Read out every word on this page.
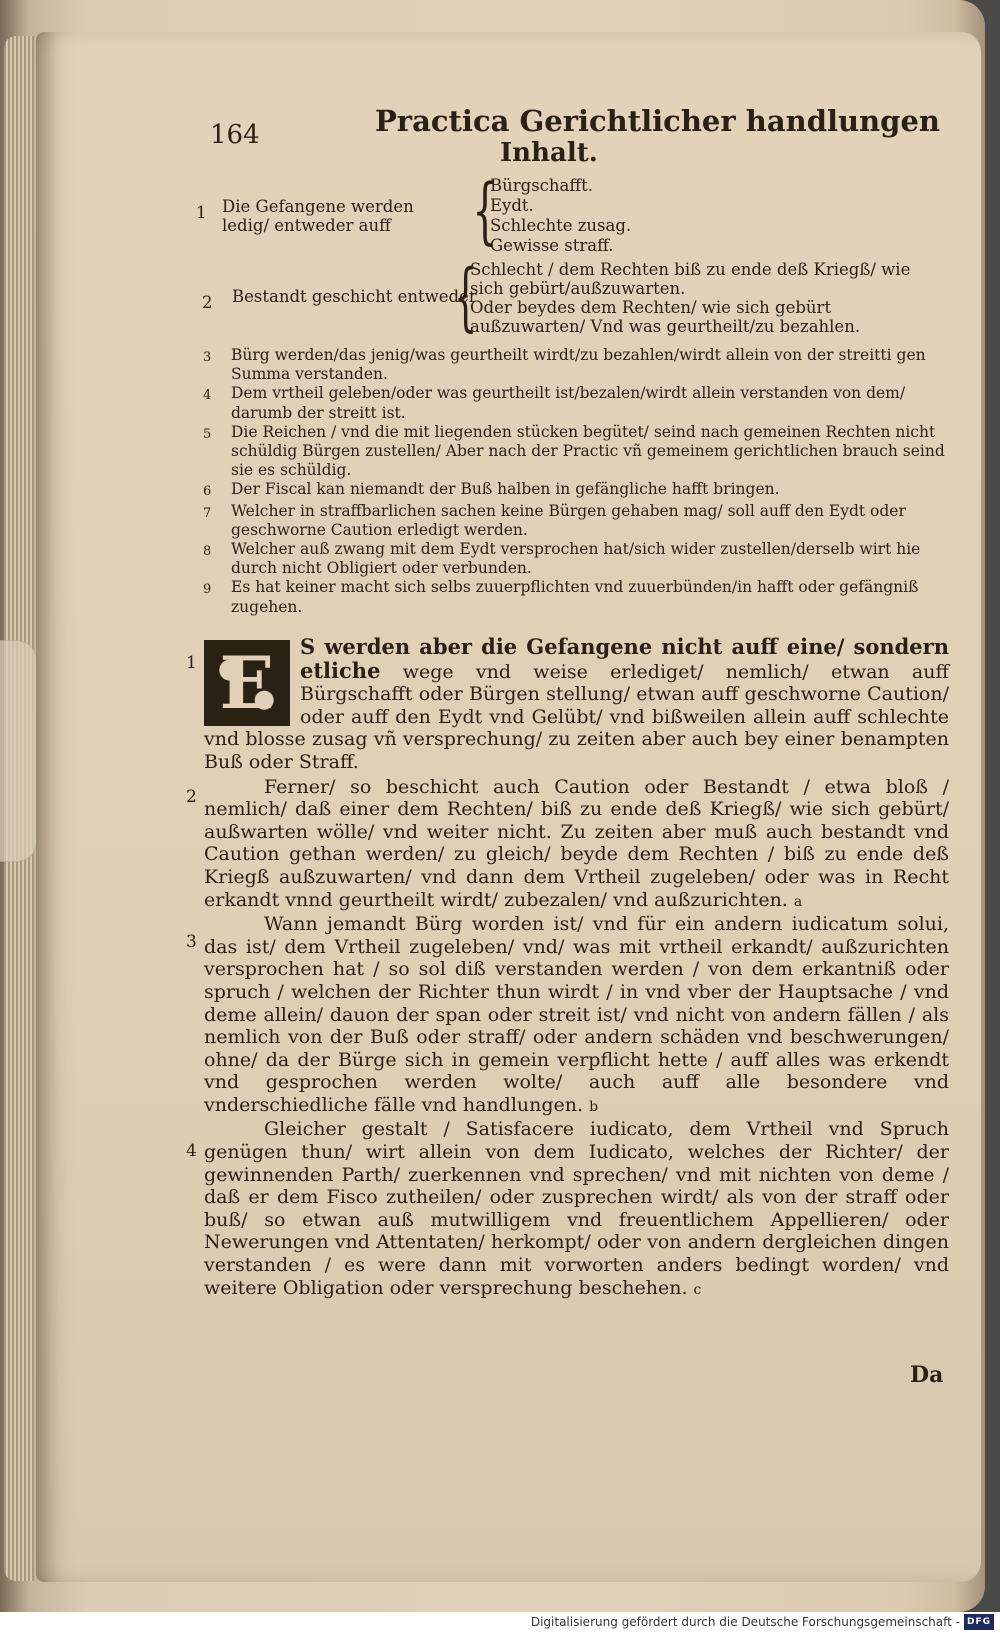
164	Practica Gerichtlicher handlungen
Inhalt.
1 Die Gefangene werden ledig/ entweder auff	{
Bürgschafft.
Eydt.
Schlechte zusag.
Gewisse straff.
2 Bestandt geschicht entweder
{
Schlecht / dem Rechten biß zu ende deß Kriegß/ wie sich gebürt/außzuwarten.
Oder beydes dem Rechten/ wie sich gebürt außzuwarten/ Vnd was geurtheilt/zu bezahlen.
3	Bürg werden/das jenig/was geurtheilt wirdt/zu bezahlen/wirdt allein von der streitti gen Summa verstanden.
4	Dem vrtheil geleben/oder was geurtheilt ist/bezalen/wirdt allein verstanden von dem/ darumb der streitt ist.
5	Die Reichen / vnd die mit liegenden stücken begütet/ seind nach gemeinen Rechten nicht schüldig Bürgen zustellen/ Aber nach der Practic vñ gemeinem gerichtlichen brauch seind sie es schüldig.
6	Der Fiscal kan niemandt der Buß halben in gefängliche hafft bringen.
7	Welcher in straffbarlichen sachen keine Bürgen gehaben mag/ soll auff den Eydt oder geschworne Caution erledigt werden.
8	Welcher auß zwang mit dem Eydt versprochen hat/sich wider zustellen/derselb wirt hie durch nicht Obligiert oder verbunden.
9	Es hat keiner macht sich selbs zuuerpflichten vnd zuuerbünden/in hafft oder gefängniß zugehen.

1 E	S werden aber die Gefangene nicht auff eine/ sondern etliche wege vnd weise erlediget/ nemlich/ etwan auff Bürgschafft oder Bürgen stellung/ etwan auff geschworne Caution/ oder auff den Eydt vnd Gelübt/ vnd bißweilen allein auff schlechte vnd blosse zusag vñ versprechung/ zu zeiten aber auch bey einer benampten Buß oder Straff.

2	Ferner/ so beschicht auch Caution oder Bestandt / etwa bloß / nemlich/ daß einer dem Rechten/ biß zu ende deß Kriegß/ wie sich gebürt/ außwarten wölle/ vnd weiter nicht. Zu zeiten aber muß auch bestandt vnd Caution gethan werden/ zu gleich/ beyde dem Rechten / biß zu ende deß Kriegß außzuwarten/ vnd dann dem Vrtheil zugeleben/ oder was in Recht erkandt vnnd geurtheilt wirdt/ zubezalen/ vnd außzurichten. a

3
Wann jemandt Bürg worden ist/ vnd für ein andern iudicatum solui, das ist/ dem Vrtheil zugeleben/ vnd/ was mit vrtheil erkandt/ außzurichten versprochen hat / so sol diß verstanden werden / von dem erkantniß oder spruch / welchen der Richter thun wirdt / in vnd vber der Hauptsache / vnd deme allein/ dauon der span oder streit ist/ vnd nicht von andern fällen / als nemlich von der Buß oder straff/ oder andern schäden vnd beschwerungen/ ohne/ da der Bürge sich in gemein verpflicht hette / auff alles was erkendt vnd gesprochen werden wolte/ auch auff alle besondere vnd vnderschiedliche fälle vnd handlungen. b

4
Gleicher gestalt / Satisfacere iudicato, dem Vrtheil vnd Spruch genügen thun/ wirt allein von dem Iudicato, welches der Richter/ der gewinnenden Parth/ zuerkennen vnd sprechen/ vnd mit nichten von deme / daß er dem Fisco zutheilen/ oder zusprechen wirdt/ als von der straff oder buß/ so etwan auß mutwilligem vnd freuentlichem Appellieren/ oder Newerungen vnd Attentaten/ herkompt/ oder von andern dergleichen dingen verstanden / es were dann mit vorworten anders bedingt worden/ vnd weitere Obligation oder versprechung beschehen. c

Da
Digitalisierung gefördert durch die Deutsche Forschungsgemeinschaft - DFG
